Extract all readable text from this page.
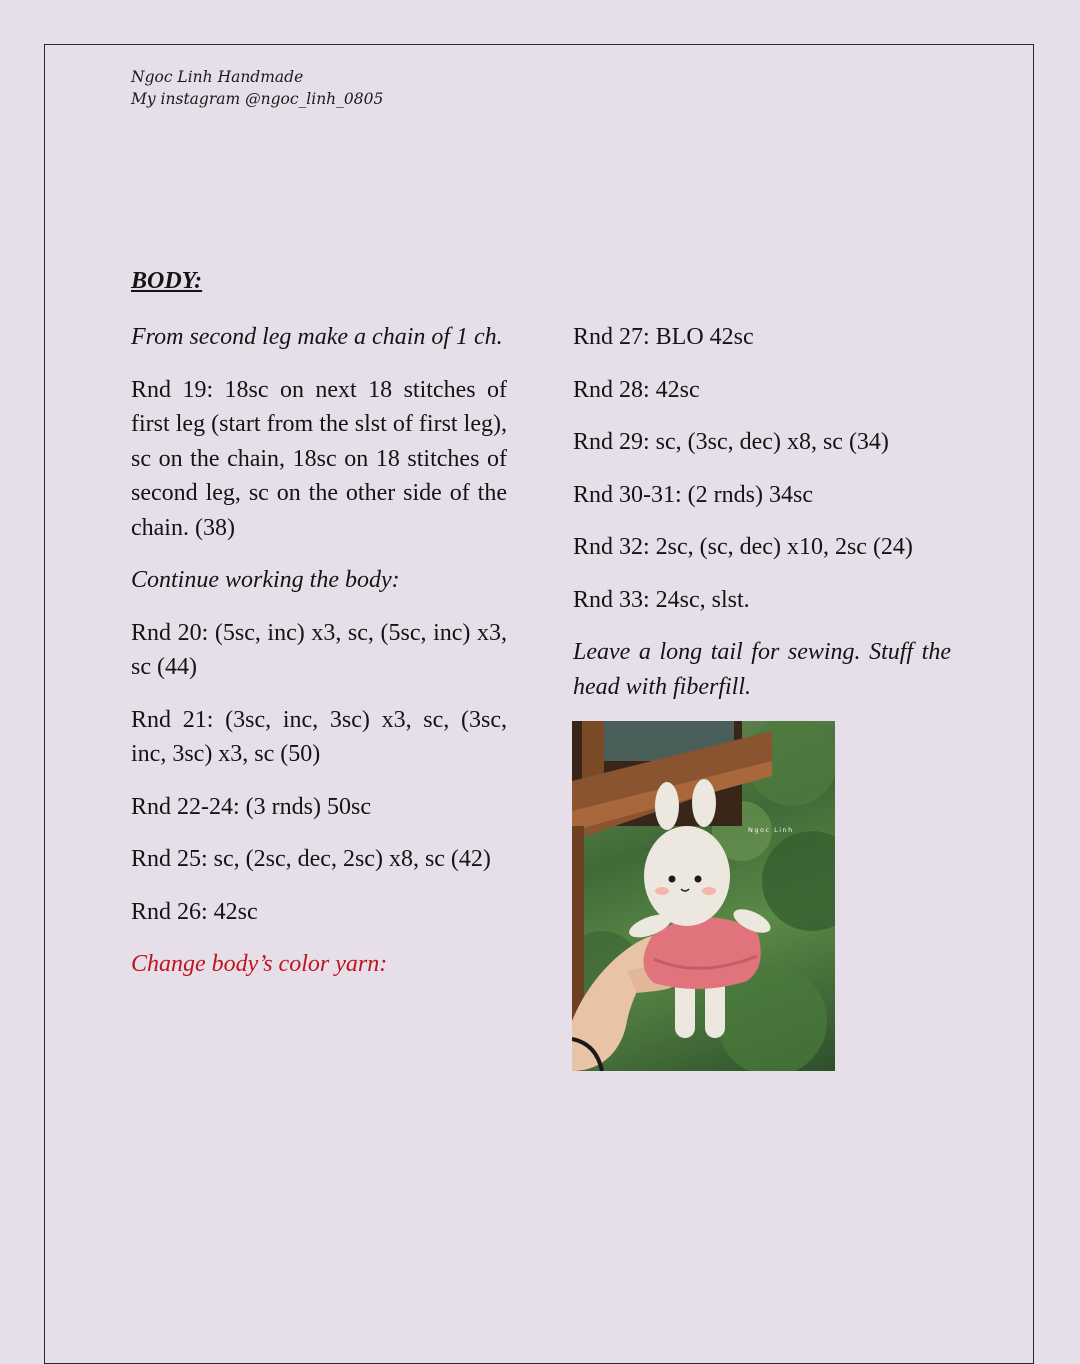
Ngoc Linh Handmade
My instagram @ngoc_linh_0805
BODY:

From second leg make a chain of 1 ch.

Rnd 19: 18sc on next 18 stitches of first leg (start from the slst of first leg), sc on the chain, 18sc on 18 stitches of second leg, sc on the other side of the chain. (38)

Continue working the body:

Rnd 20: (5sc, inc) x3, sc, (5sc, inc) x3, sc (44)

Rnd 21: (3sc, inc, 3sc) x3, sc, (3sc, inc, 3sc) x3, sc (50)

Rnd 22-24: (3 rnds) 50sc

Rnd 25: sc, (2sc, dec, 2sc) x8, sc (42)

Rnd 26: 42sc

Change body’s color yarn:

Rnd 27: BLO 42sc

Rnd 28: 42sc

Rnd 29: sc, (3sc, dec) x8, sc (34)

Rnd 30-31: (2 rnds) 34sc

Rnd 32: 2sc, (sc, dec) x10, 2sc (24)

Rnd 33: 24sc, slst.

Leave a long tail for sewing. Stuff the head with fiberfill.

Ngoc Linh
